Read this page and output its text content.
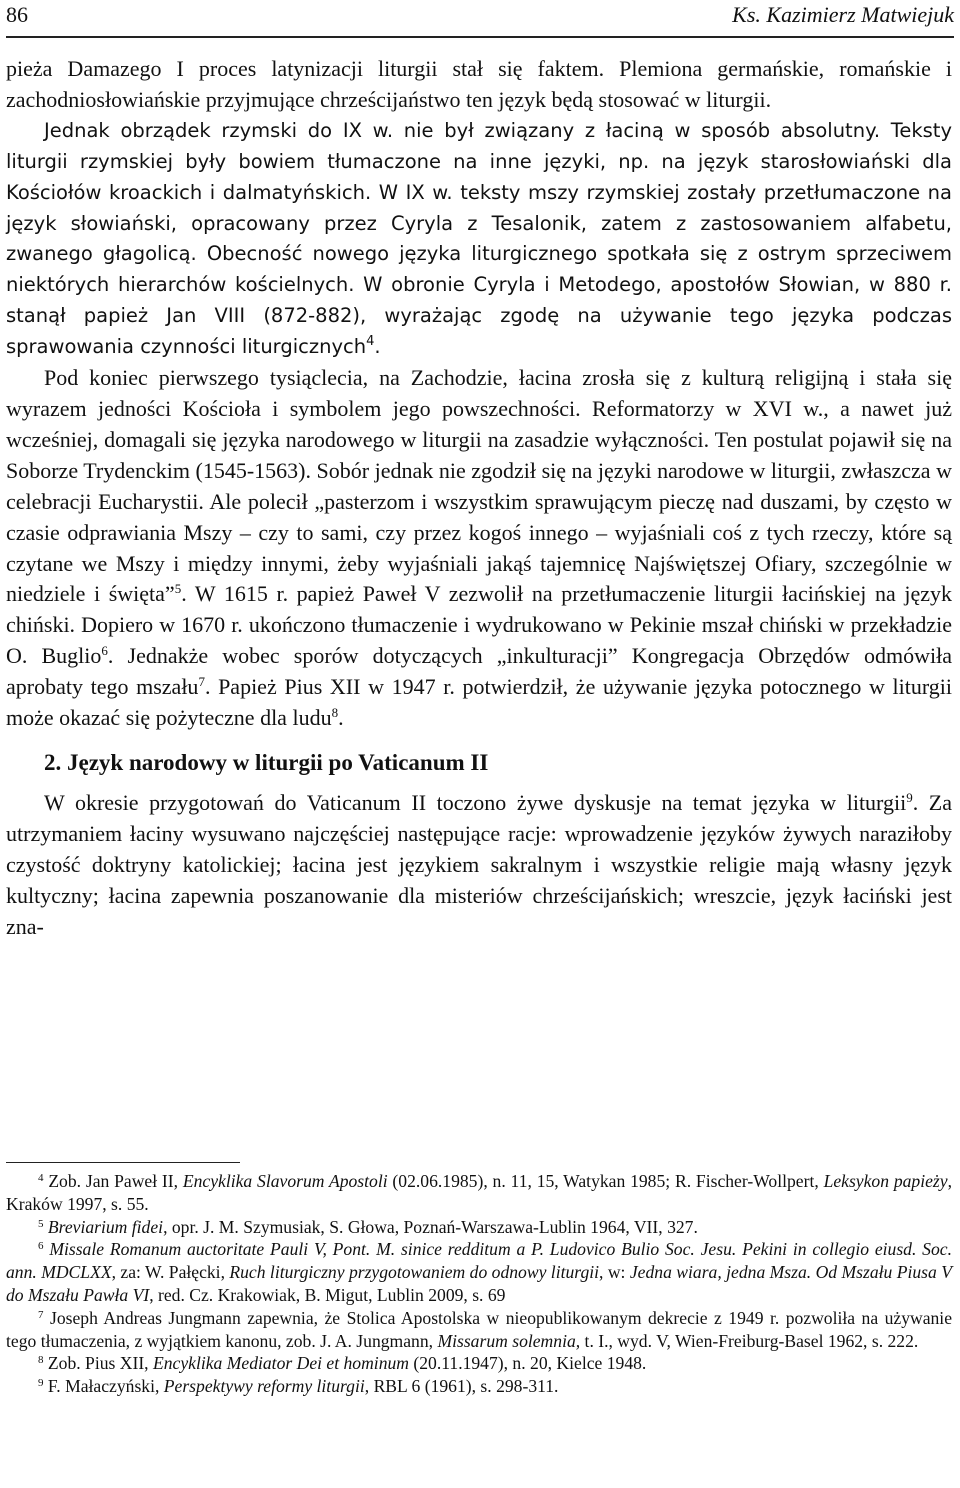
86	Ks. Kazimierz Matwiejuk

pieża Damazego I proces latynizacji liturgii stał się faktem. Plemiona germańskie, romańskie i zachodniosłowiańskie przyjmujące chrześcijaństwo ten język będą stosować w liturgii.

Jednak obrządek rzymski do IX w. nie był związany z łaciną w sposób absolutny. Teksty liturgii rzymskiej były bowiem tłumaczone na inne języki, np. na język starosłowiański dla Kościołów kroackich i dalmatyńskich. W IX w. teksty mszy rzymskiej zostały przetłumaczone na język słowiański, opracowany przez Cyryla z Tesalonik, zatem z zastosowaniem alfabetu, zwanego głagolicą. Obecność nowego języka liturgicznego spotkała się z ostrym sprzeciwem niektórych hierarchów kościelnych. W obronie Cyryla i Metodego, apostołów Słowian, w 880 r. stanął papież Jan VIII (872-882), wyrażając zgodę na używanie tego języka podczas sprawowania czynności liturgicznych$^4$.

Pod koniec pierwszego tysiąclecia, na Zachodzie, łacina zrosła się z kulturą religijną i stała się wyrazem jedności Kościoła i symbolem jego powszechności. Reformatorzy w XVI w., a nawet już wcześniej, domagali się języka narodowego w liturgii na zasadzie wyłączności. Ten postulat pojawił się na Soborze Trydenckim (1545-1563). Sobór jednak nie zgodził się na języki narodowe w liturgii, zwłaszcza w celebracji Eucharystii. Ale polecił „pasterzom i wszystkim sprawującym pieczę nad duszami, by często w czasie odprawiania Mszy – czy to sami, czy przez kogoś innego – wyjaśniali coś z tych rzeczy, które są czytane we Mszy i między innymi, żeby wyjaśniali jakąś tajemnicę Najświętszej Ofiary, szczególnie w niedziele i święta”$^5$. W 1615 r. papież Paweł V zezwolił na przetłumaczenie liturgii łacińskiej na język chiński. Dopiero w 1670 r. ukończono tłumaczenie i wydrukowano w Pekinie mszał chiński w przekładzie O. Buglio$^6$. Jednakże wobec sporów dotyczących „inkulturacji” Kongregacja Obrzędów odmówiła aprobaty tego mszału$^7$. Papież Pius XII w 1947 r. potwierdził, że używanie języka potocznego w liturgii może okazać się pożyteczne dla ludu$^8$.

2. Język narodowy w liturgii po Vaticanum II

W okresie przygotowań do Vaticanum II toczono żywe dyskusje na temat języka w liturgii$^9$. Za utrzymaniem łaciny wysuwano najczęściej następujące racje: wprowadzenie języków żywych naraziłoby czystość doktryny katolickiej; łacina jest językiem sakralnym i wszystkie religie mają własny język kultyczny; łacina zapewnia poszanowanie dla misteriów chrześcijańskich; wreszcie, język łaciński jest zna-

$^4$ Zob. Jan Paweł II, Encyklika Slavorum Apostoli (02.06.1985), n. 11, 15, Watykan 1985; R. Fischer-Wollpert, Leksykon papieży, Kraków 1997, s. 55.

$^5$ Breviarium fidei, opr. J. M. Szymusiak, S. Głowa, Poznań-Warszawa-Lublin 1964, VII, 327.

$^6$ Missale Romanum auctoritate Pauli V, Pont. M. sinice redditum a P. Ludovico Bulio Soc. Jesu. Pekini in collegio eiusd. Soc. ann. MDCLXX, za: W. Pałęcki, Ruch liturgiczny przygotowaniem do odnowy liturgii, w: Jedna wiara, jedna Msza. Od Mszału Piusa V do Mszału Pawła VI, red. Cz. Krakowiak, B. Migut, Lublin 2009, s. 69

$^7$ Joseph Andreas Jungmann zapewnia, że Stolica Apostolska w nieopublikowanym dekrecie z 1949 r. pozwoliła na używanie tego tłumaczenia, z wyjątkiem kanonu, zob. J. A. Jungmann, Missarum solemnia, t. I., wyd. V, Wien-Freiburg-Basel 1962, s. 222.

$^8$ Zob. Pius XII, Encyklika Mediator Dei et hominum (20.11.1947), n. 20, Kielce 1948.

$^9$ F. Małaczyński, Perspektywy reformy liturgii, RBL 6 (1961), s. 298-311.
